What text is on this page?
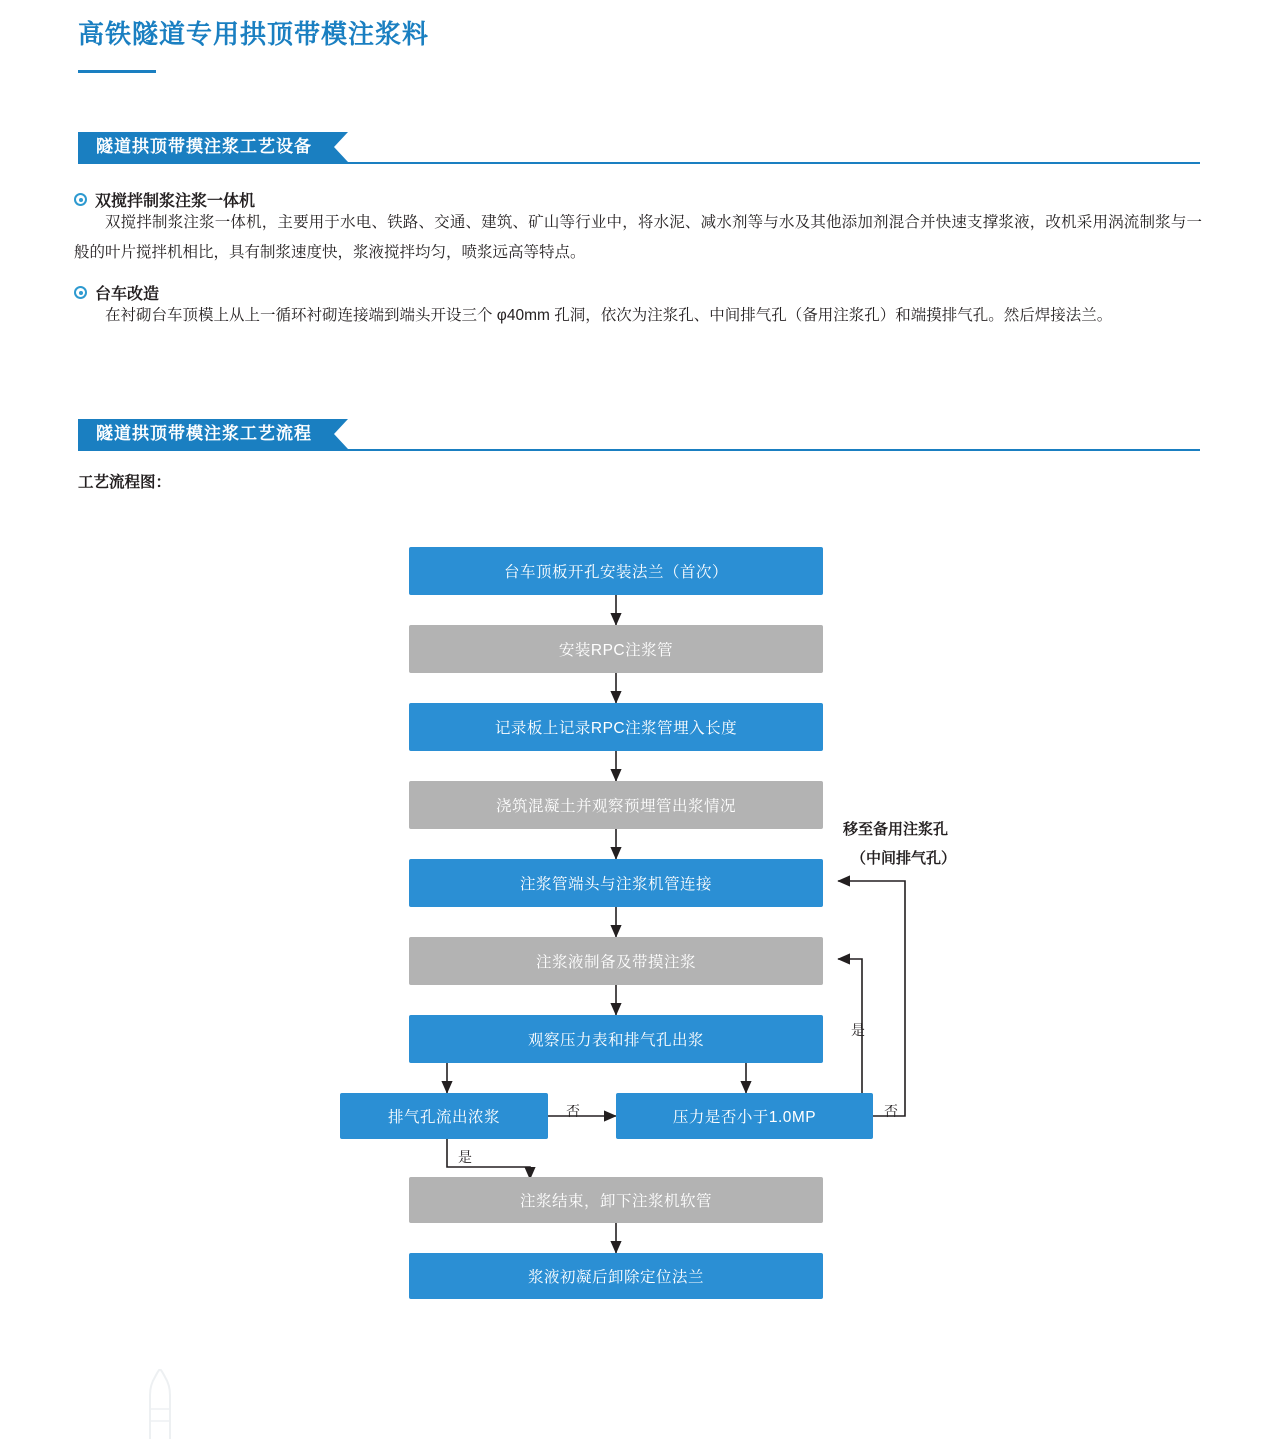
高铁隧道专用拱顶带模注浆料
隧道拱顶带摸注浆工艺设备
双搅拌制浆注浆一体机
双搅拌制浆注浆一体机，主要用于水电、铁路、交通、建筑、矿山等行业中，将水泥、减水剂等与水及其他添加剂混合并快速支撑浆液，改机采用涡流制浆与一般的叶片搅拌机相比，具有制浆速度快，浆液搅拌均匀，喷浆远高等特点。
台车改造
在衬砌台车顶模上从上一循环衬砌连接端到端头开设三个 φ40mm 孔洞，依次为注浆孔、中间排气孔（备用注浆孔）和端摸排气孔。然后焊接法兰。
隧道拱顶带模注浆工艺流程
工艺流程图：
台车顶板开孔安装法兰（首次）
安装RPC注浆管
记录板上记录RPC注浆管埋入长度
浇筑混凝土并观察预埋管出浆情况
注浆管端头与注浆机管连接
注浆液制备及带摸注浆
观察压力表和排气孔出浆
排气孔流出浓浆	压力是否小于1.0MP
注浆结束，卸下注浆机软管
浆液初凝后卸除定位法兰
否
是
是
否
移至备用注浆孔
（中间排气孔）
